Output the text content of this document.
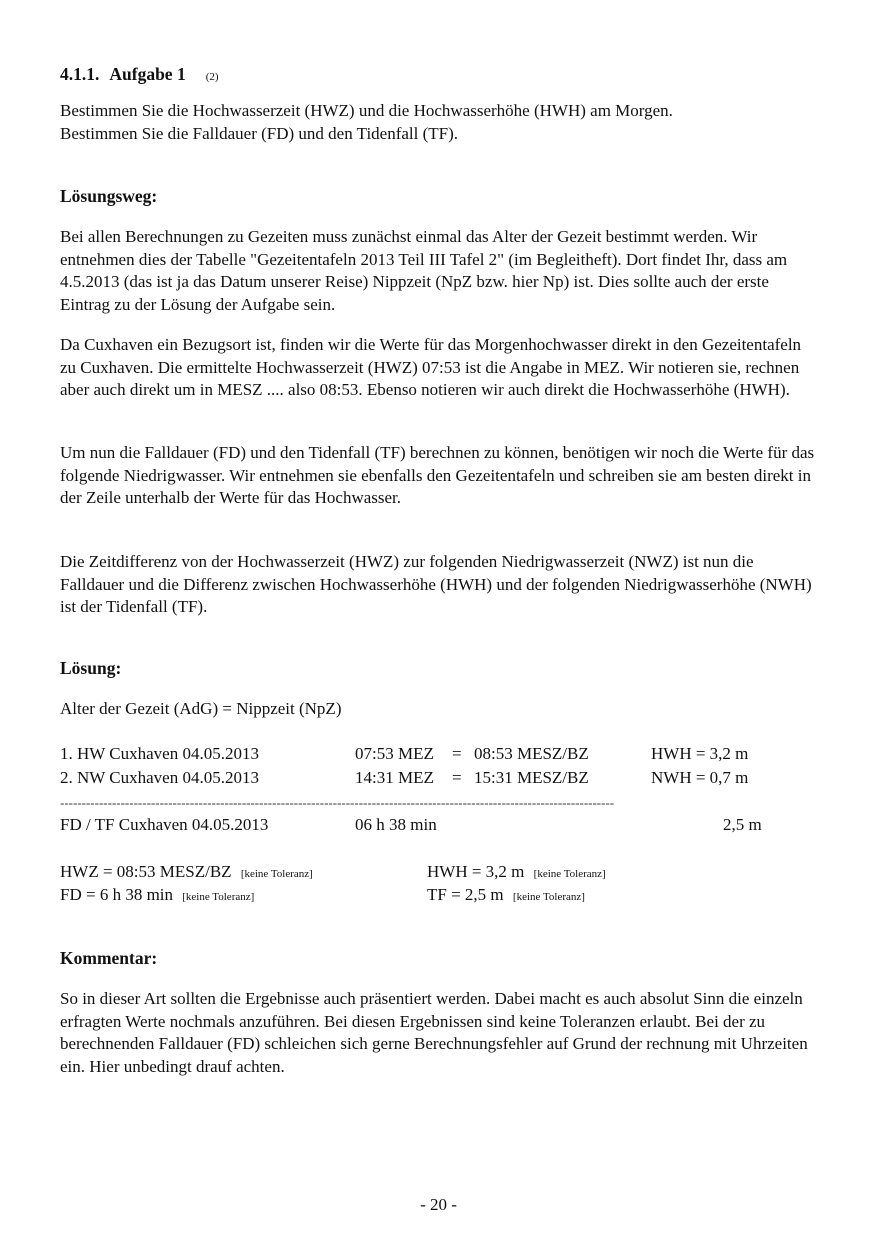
4.1.1. Aufgabe 1 (2)
Bestimmen Sie die Hochwasserzeit (HWZ) und die Hochwasserhöhe (HWH) am Morgen.
Bestimmen Sie die Falldauer (FD) und den Tidenfall (TF).
Lösungsweg:
Bei allen Berechnungen zu Gezeiten muss zunächst einmal das Alter der Gezeit bestimmt werden. Wir entnehmen dies der Tabelle "Gezeitentafeln 2013 Teil III Tafel 2" (im Begleitheft). Dort findet Ihr, dass am 4.5.2013 (das ist ja das Datum unserer Reise) Nippzeit (NpZ bzw. hier Np) ist. Dies sollte auch der erste Eintrag zu der Lösung der Aufgabe sein.
Da Cuxhaven ein Bezugsort ist, finden wir die Werte für das Morgenhochwasser direkt in den Gezeitentafeln zu Cuxhaven. Die ermittelte Hochwasserzeit (HWZ) 07:53 ist die Angabe in MEZ. Wir notieren sie, rechnen aber auch direkt um in MESZ .... also 08:53. Ebenso notieren wir auch direkt die Hochwasserhöhe (HWH).
Um nun die Falldauer (FD) und den Tidenfall (TF) berechnen zu können, benötigen wir noch die Werte für das folgende Niedrigwasser. Wir entnehmen sie ebenfalls den Gezeitentafeln und schreiben sie am besten direkt in der Zeile unterhalb der Werte für das Hochwasser.
Die Zeitdifferenz von der Hochwasserzeit (HWZ) zur folgenden Niedrigwasserzeit (NWZ) ist nun die Falldauer und die Differenz zwischen Hochwasserhöhe (HWH) und der folgenden Niedrigwasserhöhe (NWH) ist der Tidenfall (TF).
Lösung:
Alter der Gezeit (AdG) = Nippzeit (NpZ)
1. HW Cuxhaven 04.05.2013	07:53 MEZ = 08:53 MESZ/BZ	HWH = 3,2 m
2. NW Cuxhaven 04.05.2013	14:31 MEZ = 15:31 MESZ/BZ	NWH = 0,7 m
--------------------------------------------------------------------------------------------------------------------------------
FD / TF Cuxhaven 04.05.2013	06 h 38 min	2,5 m
HWZ = 08:53 MESZ/BZ [keine Toleranz]	HWH = 3,2 m [keine Toleranz]
FD = 6 h 38 min [keine Toleranz]	TF = 2,5 m [keine Toleranz]
Kommentar:
So in dieser Art sollten die Ergebnisse auch präsentiert werden. Dabei macht es auch absolut Sinn die einzeln erfragten Werte nochmals anzuführen. Bei diesen Ergebnissen sind keine Toleranzen erlaubt. Bei der zu berechnenden Falldauer (FD) schleichen sich gerne Berechnungsfehler auf Grund der rechnung mit Uhrzeiten ein. Hier unbedingt drauf achten.
- 20 -
